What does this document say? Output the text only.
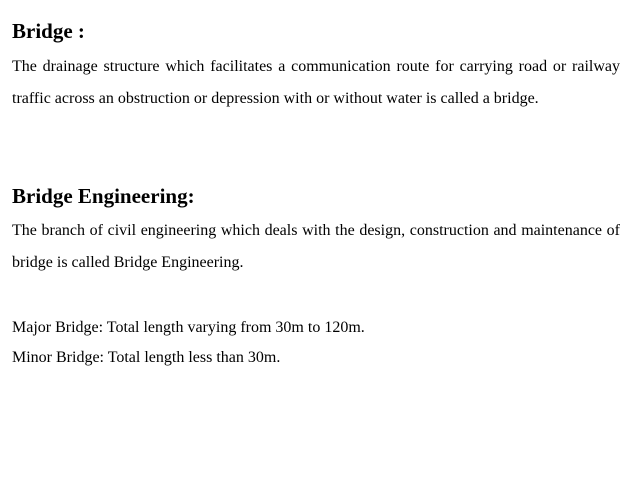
Bridge :

The drainage structure which facilitates a communication route for carrying road or railway traffic across an obstruction or depression with or without water is called a bridge.

Bridge Engineering:

The branch of civil engineering which deals with the design, construction and maintenance of bridge is called Bridge Engineering.

Major Bridge: Total length varying from 30m to 120m.

Minor Bridge: Total length less than 30m.
